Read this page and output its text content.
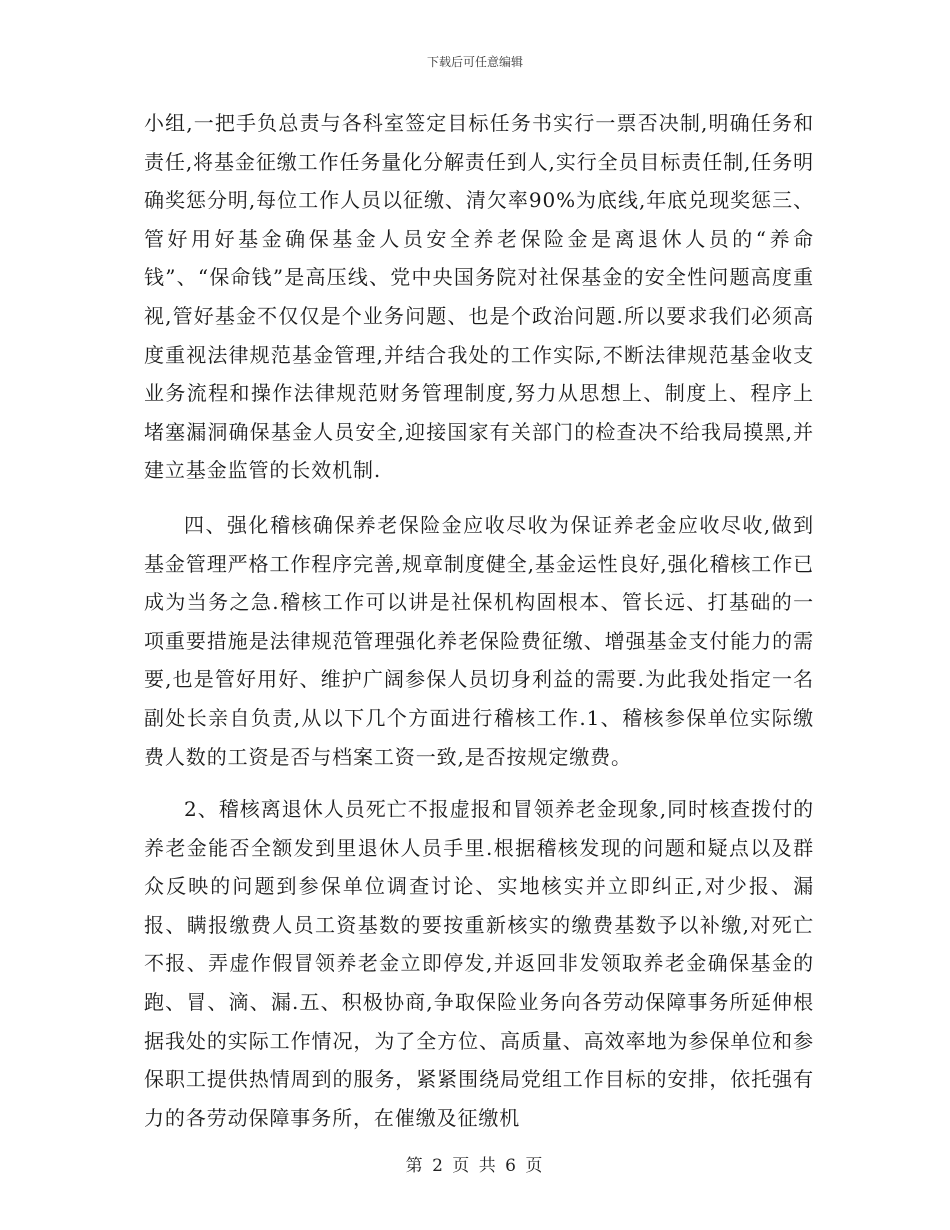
下载后可任意编辑

小组,一把手负总责与各科室签定目标任务书实行一票否决制,明确任务和责任,将基金征缴工作任务量化分解责任到人,实行全员目标责任制,任务明确奖惩分明,每位工作人员以征缴、清欠率90%为底线,年底兑现奖惩三、管好用好基金确保基金人员安全养老保险金是离退休人员的“养命钱”、“保命钱”是高压线、党中央国务院对社保基金的安全性问题高度重视,管好基金不仅仅是个业务问题、也是个政治问题.所以要求我们必须高度重视法律规范基金管理,并结合我处的工作实际,不断法律规范基金收支业务流程和操作法律规范财务管理制度,努力从思想上、制度上、程序上堵塞漏洞确保基金人员安全,迎接国家有关部门的检查决不给我局摸黑,并建立基金监管的长效机制.

四、强化稽核确保养老保险金应收尽收为保证养老金应收尽收,做到基金管理严格工作程序完善,规章制度健全,基金运性良好,强化稽核工作已成为当务之急.稽核工作可以讲是社保机构固根本、管长远、打基础的一项重要措施是法律规范管理强化养老保险费征缴、增强基金支付能力的需要,也是管好用好、维护广阔参保人员切身利益的需要.为此我处指定一名副处长亲自负责,从以下几个方面进行稽核工作.1、稽核参保单位实际缴费人数的工资是否与档案工资一致,是否按规定缴费。

2、稽核离退休人员死亡不报虚报和冒领养老金现象,同时核查拨付的养老金能否全额发到里退休人员手里.根据稽核发现的问题和疑点以及群众反映的问题到参保单位调查讨论、实地核实并立即纠正,对少报、漏报、瞒报缴费人员工资基数的要按重新核实的缴费基数予以补缴,对死亡不报、弄虚作假冒领养老金立即停发,并返回非发领取养老金确保基金的跑、冒、滴、漏.五、积极协商,争取保险业务向各劳动保障事务所延伸根据我处的实际工作情况，为了全方位、高质量、高效率地为参保单位和参保职工提供热情周到的服务，紧紧围绕局党组工作目标的安排，依托强有力的各劳动保障事务所，在催缴及征缴机

第 2 页 共 6 页
